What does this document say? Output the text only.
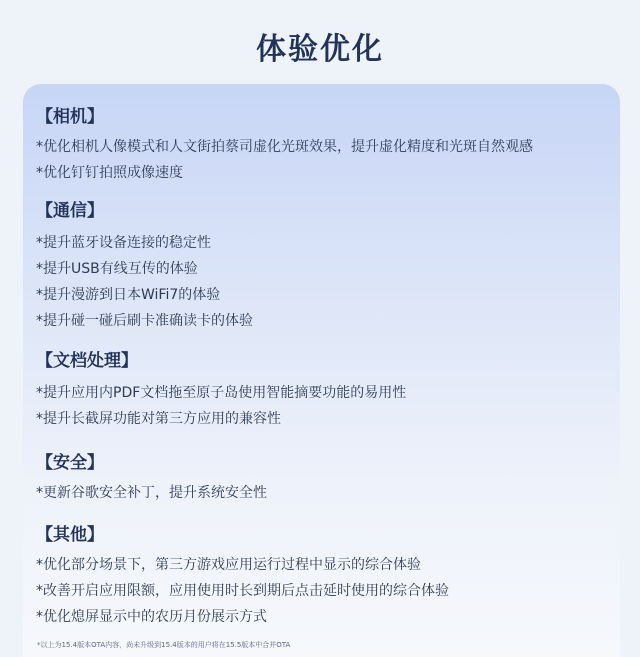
体验优化
【相机】
*优化相机人像模式和人文街拍蔡司虚化光斑效果，提升虚化精度和光斑自然观感
*优化钉钉拍照成像速度
【通信】
*提升蓝牙设备连接的稳定性
*提升USB有线互传的体验
*提升漫游到日本WiFi7的体验
*提升碰一碰后刷卡准确读卡的体验
【文档处理】
*提升应用内PDF文档拖至原子岛使用智能摘要功能的易用性
*提升长截屏功能对第三方应用的兼容性
【安全】
*更新谷歌安全补丁，提升系统安全性
【其他】
*优化部分场景下，第三方游戏应用运行过程中显示的综合体验
*改善开启应用限额，应用使用时长到期后点击延时使用的综合体验
*优化熄屏显示中的农历月份展示方式
*以上为15.4版本OTA内容，尚未升级到15.4版本的用户将在15.5版本中合并OTA
